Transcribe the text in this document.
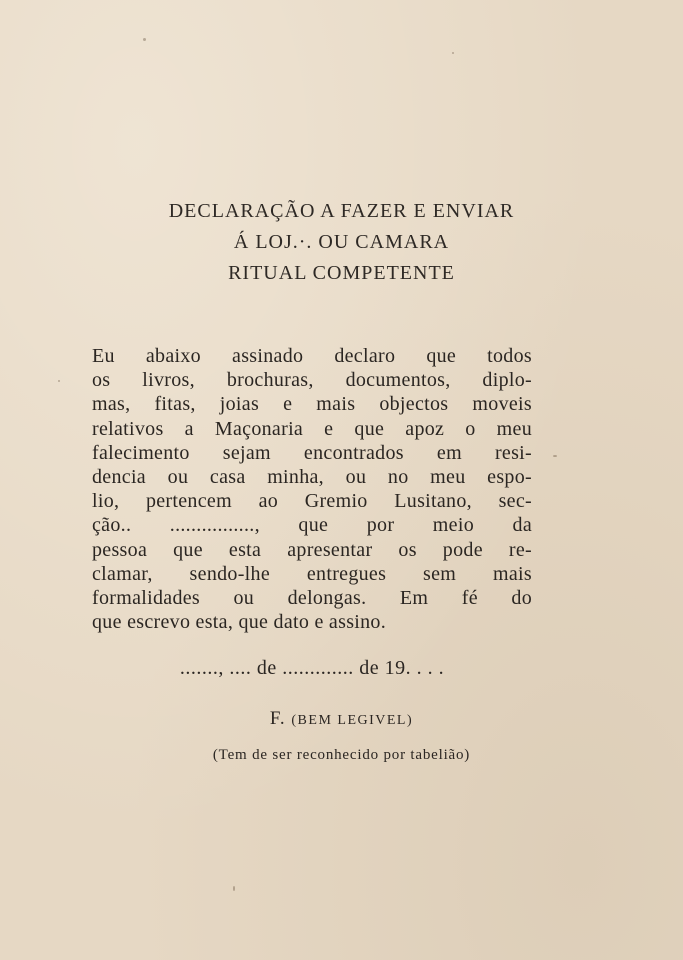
DECLARAÇÃO A FAZER E ENVIAR
Á LOJ.·. OU CAMARA
RITUAL COMPETENTE
Eu abaixo assinado declaro que todos
os livros, brochuras, documentos, diplo-
mas, fitas, joias e mais objectos moveis
relativos a Maçonaria e que apoz o meu
falecimento sejam encontrados em resi-
dencia ou casa minha, ou no meu espo-
lio, pertencem ao Gremio Lusitano, sec-
ção.. ................, que por meio da
pessoa que esta apresentar os pode re-
clamar, sendo-lhe entregues sem mais
formalidades ou delongas. Em fé do
que escrevo esta, que dato e assino.
......., .... de ............. de 19. . . .
F. (BEM LEGIVEL)
(Tem de ser reconhecido por tabelião)
